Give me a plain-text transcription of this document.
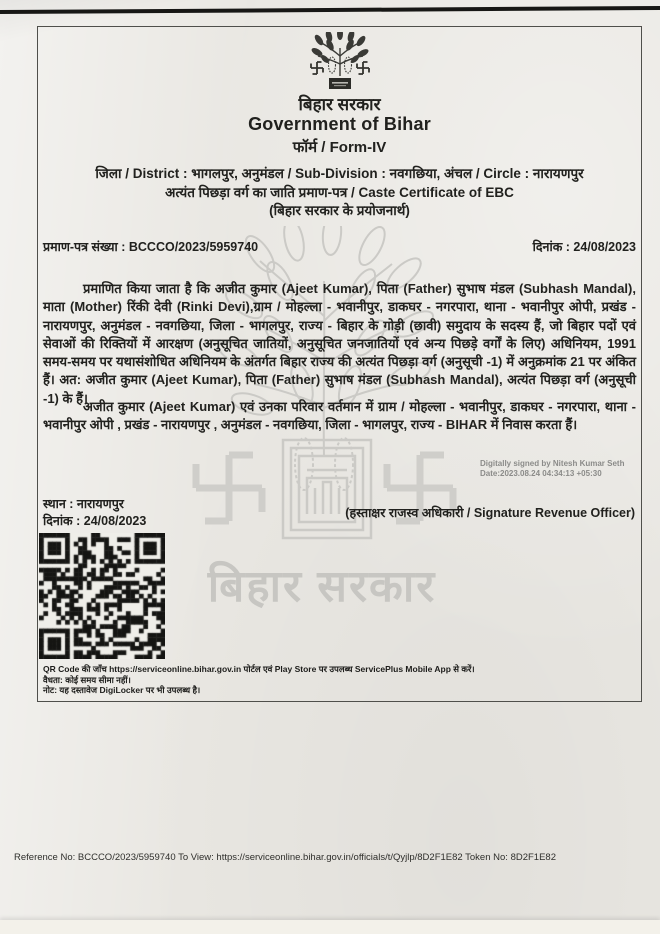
बिहार सरकार
बिहार सरकार
Government of Bihar
फॉर्म / Form-IV
जिला / District : भागलपुर, अनुमंडल / Sub-Division : नवगछिया, अंचल / Circle : नारायणपुर
अत्यंत पिछड़ा वर्ग का जाति प्रमाण-पत्र / Caste Certificate of EBC
(बिहार सरकार के प्रयोजनार्थ)
प्रमाण-पत्र संख्या : BCCCO/2023/5959740	दिनांक : 24/08/2023
प्रमाणित किया जाता है कि अजीत कुमार (Ajeet Kumar), पिता (Father) सुभाष मंडल (Subhash Mandal), माता (Mother) रिंकी देवी (Rinki Devi),ग्राम / मोहल्ला - भवानीपुर, डाकघर - नगरपारा, थाना - भवानीपुर ओपी, प्रखंड - नारायणपुर, अनुमंडल - नवगछिया, जिला - भागलपुर, राज्य - बिहार के गोड़ी (छावी) समुदाय के सदस्य हैं, जो बिहार पदों एवं सेवाओं की रिक्तियों में आरक्षण (अनुसूचित जातियों, अनुसूचित जनजातियों एवं अन्य पिछड़े वर्गों के लिए) अधिनियम, 1991 समय-समय पर यथासंशोधित अधिनियम के अंतर्गत बिहार राज्य की अत्यंत पिछड़ा वर्ग (अनुसूची -1) में अनुक्रमांक 21 पर अंकित हैं। अत: अजीत कुमार (Ajeet Kumar), पिता (Father) सुभाष मंडल (Subhash Mandal), अत्यंत पिछड़ा वर्ग (अनुसूची -1) के हैं।
अजीत कुमार (Ajeet Kumar) एवं उनका परिवार वर्तमान में ग्राम / मोहल्ला - भवानीपुर, डाकघर - नगरपारा, थाना - भवानीपुर ओपी , प्रखंड - नारायणपुर , अनुमंडल - नवगछिया, जिला - भागलपुर, राज्य - BIHAR में निवास करता हैं।
Digitally signed by Nitesh Kumar Seth
Date:2023.08.24 04:34:13 +05:30
स्थान : नारायणपुर
दिनांक : 24/08/2023
(हस्ताक्षर राजस्व अधिकारी / Signature Revenue Officer)
QR Code की जाँच https://serviceonline.bihar.gov.in पोर्टल एवं Play Store पर उपलब्ध ServicePlus Mobile App से करें।
वैधता: कोई समय सीमा नहीं।
नोट: यह दस्तावेज DigiLocker पर भी उपलब्ध है।
Reference No: BCCCO/2023/5959740 To View: https://serviceonline.bihar.gov.in/officials/t/Qyjlp/8D2F1E82 Token No: 8D2F1E82
